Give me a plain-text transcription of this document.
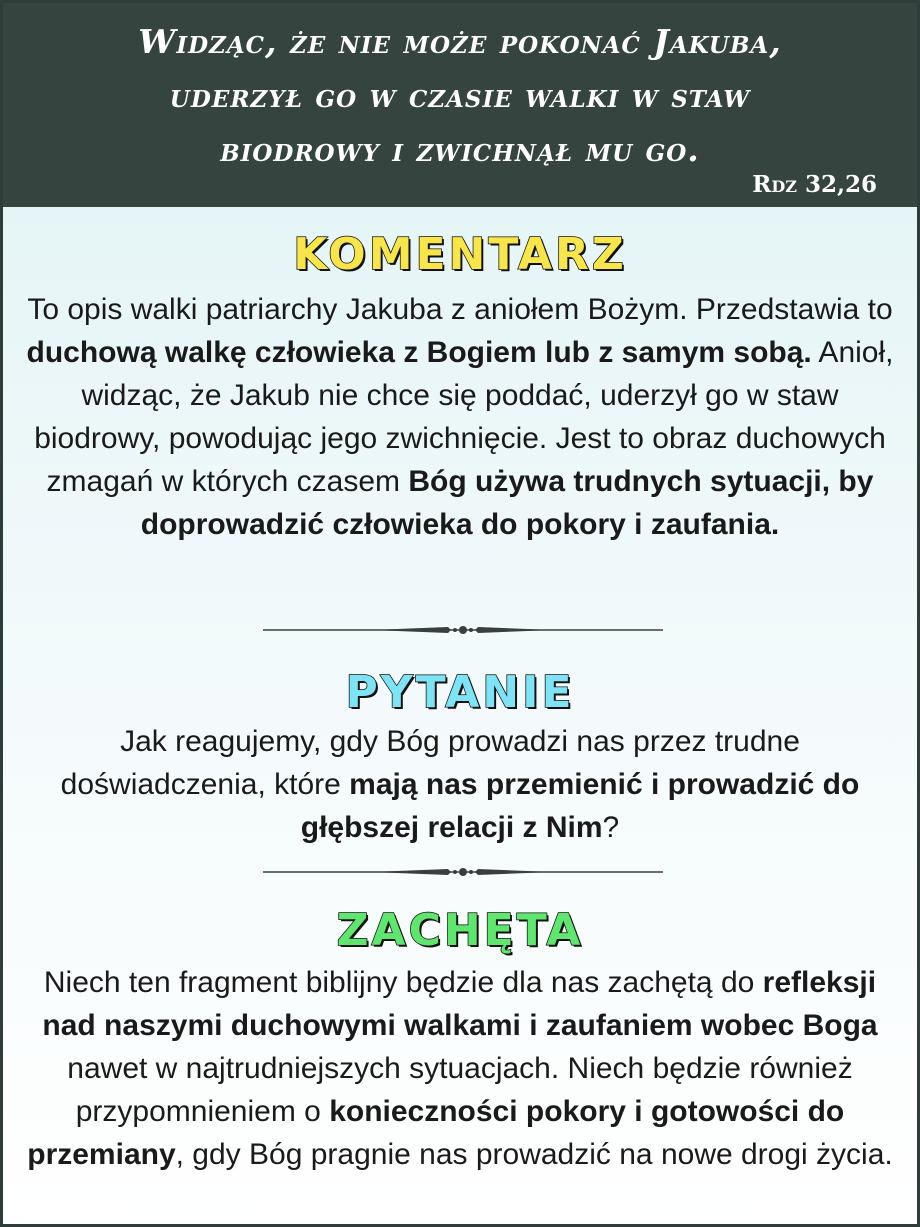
Widząc, że nie może pokonać Jakuba,
uderzył go w czasie walki w staw
biodrowy i zwichnął mu go.
Rdz 32,26
KOMENTARZ
To opis walki patriarchy Jakuba z aniołem Bożym. Przedstawia to duchową walkę człowieka z Bogiem lub z samym sobą. Anioł, widząc, że Jakub nie chce się poddać, uderzył go w staw biodrowy, powodując jego zwichnięcie. Jest to obraz duchowych zmagań w których czasem Bóg używa trudnych sytuacji, by doprowadzić człowieka do pokory i zaufania.
PYTANIE
Jak reagujemy, gdy Bóg prowadzi nas przez trudne doświadczenia, które mają nas przemienić i prowadzić do głębszej relacji z Nim?
ZACHĘTA
Niech ten fragment biblijny będzie dla nas zachętą do refleksji nad naszymi duchowymi walkami i zaufaniem wobec Boga nawet w najtrudniejszych sytuacjach. Niech będzie również przypomnieniem o konieczności pokory i gotowości do przemiany, gdy Bóg pragnie nas prowadzić na nowe drogi życia.
